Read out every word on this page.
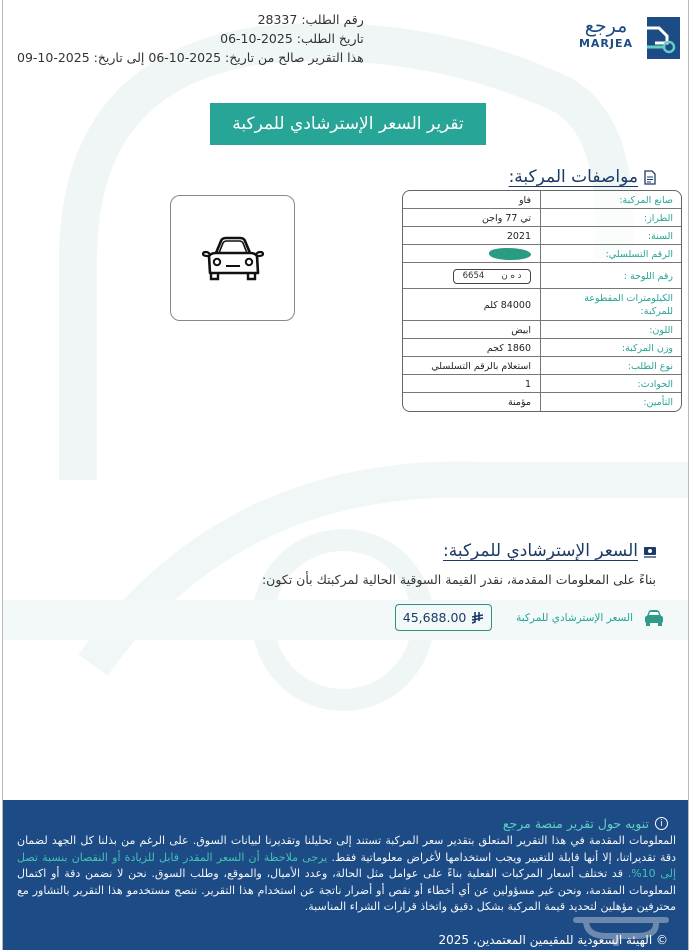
رقم الطلب: 28337
تاريخ الطلب: 2025-10-06
هذا التقرير صالح من تاريخ: 2025-10-06 إلى تاريخ: 2025-10-09
مرجع
MARJEA
تقرير السعر الإسترشادي للمركبة
مواصفات المركبة:
صانع المركبة:
فاو
الطراز:
تي 77 واجن
السنة:
2021
الرقم التسلسلي:
رقم اللوحة :
د ه ن
6654
الكيلومترات المقطوعة للمركبة:
84000 كلم
اللون:
ابيض
وزن المركبة:
1860 كجم
نوع الطلب:
استعلام بالرقم التسلسلي
الحوادث:
1
التأمين:
مؤمنة
السعر الإسترشادي للمركبة:
بناءً على المعلومات المقدمة، نقدر القيمة السوقية الحالية لمركبتك بأن تكون:
السعر الإسترشادي للمركبة
45,688.00
i
تنويه حول تقرير منصة مرجع
المعلومات المقدمة في هذا التقرير المتعلق بتقدير سعر المركبة تستند إلى تحليلنا وتقديرنا لبيانات السوق. على الرغم من بذلنا كل الجهد لضمان دقة تقديراتنا، إلا أنها قابلة للتغيير ويجب استخدامها لأغراض معلوماتية فقط. يرجى ملاحظة أن السعر المقدر قابل للزيادة أو النقصان بنسبة تصل إلى 10%. قد تختلف أسعار المركبات الفعلية بناءً على عوامل مثل الحالة، وعدد الأميال، والموقع، وطلب السوق. نحن لا نضمن دقة أو اكتمال المعلومات المقدمة، ونحن غير مسؤولين عن أي أخطاء أو نقص أو أضرار ناتجة عن استخدام هذا التقرير. ننصح مستخدمو هذا التقرير بالتشاور مع محترفين مؤهلين لتحديد قيمة المركبة بشكل دقيق واتخاذ قرارات الشراء المناسبة.
© الهيئة السعودية للمقيمين المعتمدين، 2025
